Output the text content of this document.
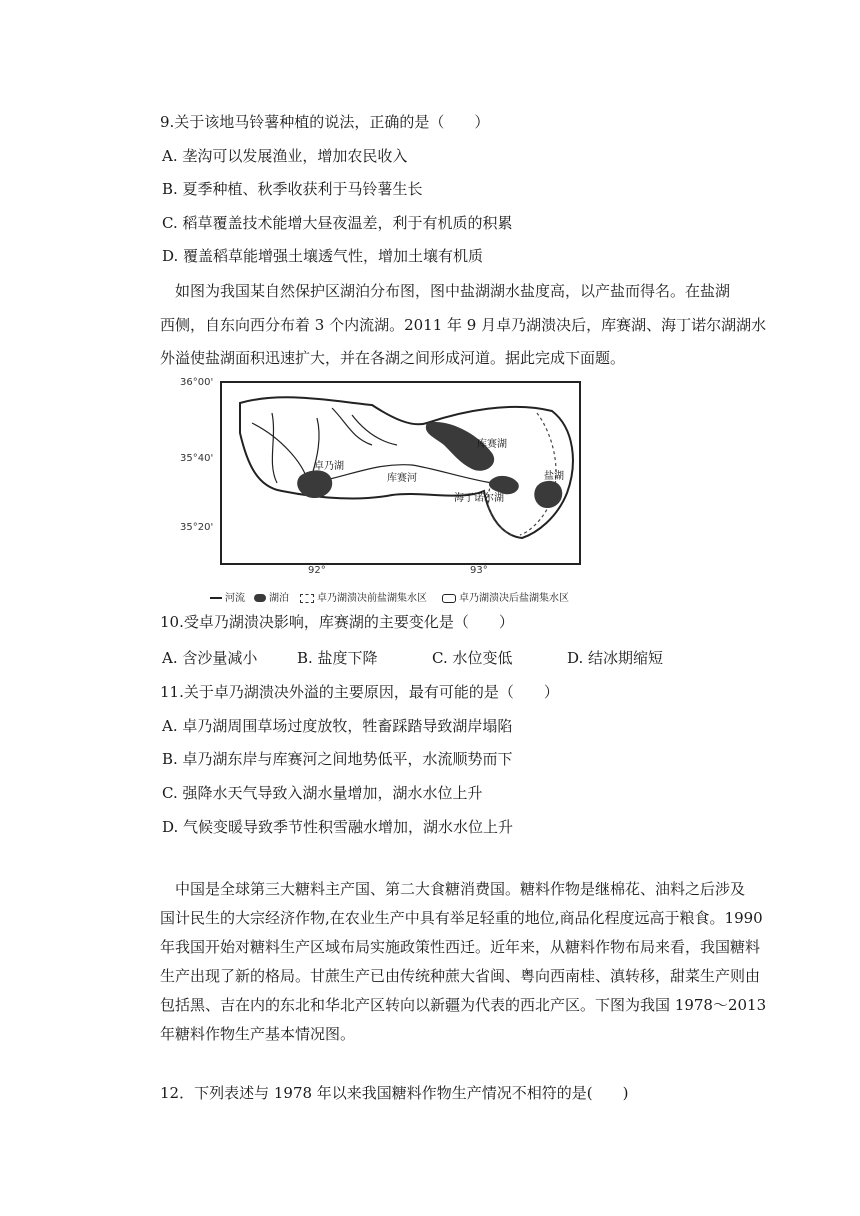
9.关于该地马铃薯种植的说法，正确的是（　　）
A. 垄沟可以发展渔业，增加农民收入
B. 夏季种植、秋季收获利于马铃薯生长
C. 稻草覆盖技术能增大昼夜温差，利于有机质的积累
D. 覆盖稻草能增强土壤透气性，增加土壤有机质
如图为我国某自然保护区湖泊分布图，图中盐湖湖水盐度高，以产盐而得名。在盐湖
西侧，自东向西分布着 3 个内流湖。2011 年 9 月卓乃湖溃决后，库赛湖、海丁诺尔湖湖水
外溢使盐湖面积迅速扩大，并在各湖之间形成河道。据此完成下面题。
36°00'
35°40'
35°20'
卓乃湖
库赛湖
库赛河
海丁诺尔湖
盐湖
92°	93°
河流	湖泊	卓乃湖溃决前盐湖集水区	卓乃湖溃决后盐湖集水区
10.受卓乃湖溃决影响，库赛湖的主要变化是（　　）
A. 含沙量减小	B. 盐度下降	C. 水位变低	D. 结冰期缩短
11.关于卓乃湖溃决外溢的主要原因，最有可能的是（　　）
A. 卓乃湖周围草场过度放牧，牲畜踩踏导致湖岸塌陷
B. 卓乃湖东岸与库赛河之间地势低平，水流顺势而下
C. 强降水天气导致入湖水量增加，湖水水位上升
D. 气候变暖导致季节性积雪融水增加，湖水水位上升
中国是全球第三大糖料主产国、第二大食糖消费国。糖料作物是继棉花、油料之后涉及
国计民生的大宗经济作物,在农业生产中具有举足轻重的地位,商品化程度远高于粮食。1990
年我国开始对糖料生产区域布局实施政策性西迁。近年来，从糖料作物布局来看，我国糖料
生产出现了新的格局。甘蔗生产已由传统种蔗大省闽、粤向西南桂、滇转移，甜菜生产则由
包括黑、吉在内的东北和华北产区转向以新疆为代表的西北产区。下图为我国 1978～2013
年糖料作物生产基本情况图。
12．下列表述与 1978 年以来我国糖料作物生产情况不相符的是(　　)
